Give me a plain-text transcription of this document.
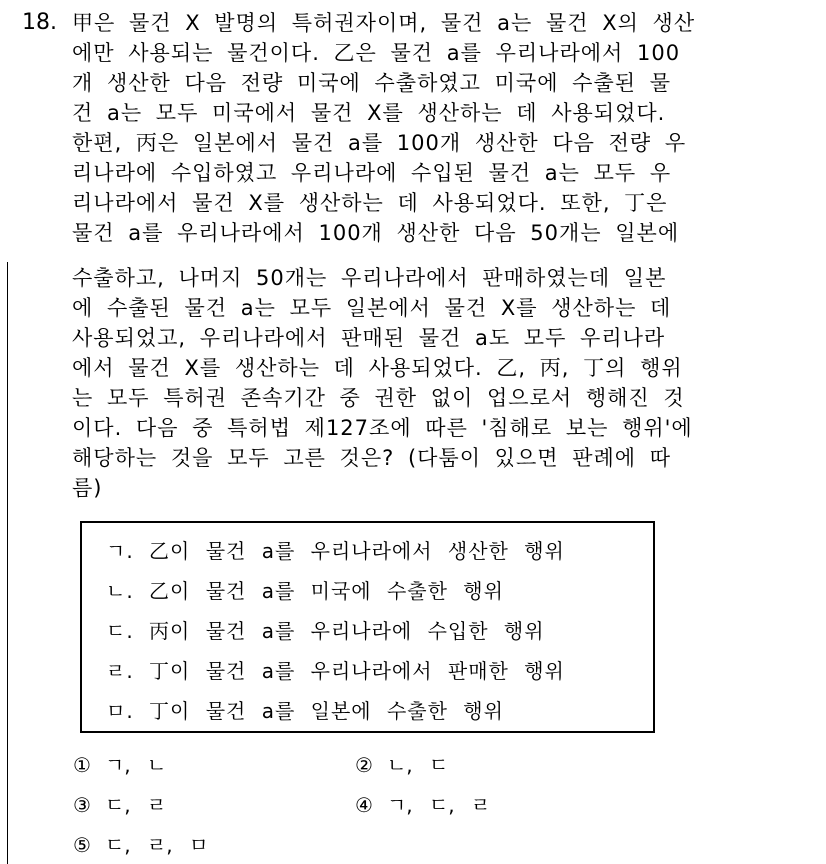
18. 甲은 물건 X 발명의 특허권자이며, 물건 a는 물건 X의 생산
에만 사용되는 물건이다. 乙은 물건 a를 우리나라에서 100
개 생산한 다음 전량 미국에 수출하였고 미국에 수출된 물
건 a는 모두 미국에서 물건 X를 생산하는 데 사용되었다.
한편, 丙은 일본에서 물건 a를 100개 생산한 다음 전량 우
리나라에 수입하였고 우리나라에 수입된 물건 a는 모두 우
리나라에서 물건 X를 생산하는 데 사용되었다. 또한, 丁은
물건 a를 우리나라에서 100개 생산한 다음 50개는 일본에
수출하고, 나머지 50개는 우리나라에서 판매하였는데 일본
에 수출된 물건 a는 모두 일본에서 물건 X를 생산하는 데
사용되었고, 우리나라에서 판매된 물건 a도 모두 우리나라
에서 물건 X를 생산하는 데 사용되었다. 乙, 丙, 丁의 행위
는 모두 특허권 존속기간 중 권한 없이 업으로서 행해진 것
이다. 다음 중 특허법 제127조에 따른 '침해로 보는 행위'에
해당하는 것을 모두 고른 것은? (다툼이 있으면 판례에 따
름)
ㄱ. 乙이 물건 a를 우리나라에서 생산한 행위
ㄴ. 乙이 물건 a를 미국에 수출한 행위
ㄷ. 丙이 물건 a를 우리나라에 수입한 행위
ㄹ. 丁이 물건 a를 우리나라에서 판매한 행위
ㅁ. 丁이 물건 a를 일본에 수출한 행위
① ㄱ, ㄴ	② ㄴ, ㄷ
③ ㄷ, ㄹ	④ ㄱ, ㄷ, ㄹ
⑤ ㄷ, ㄹ, ㅁ
